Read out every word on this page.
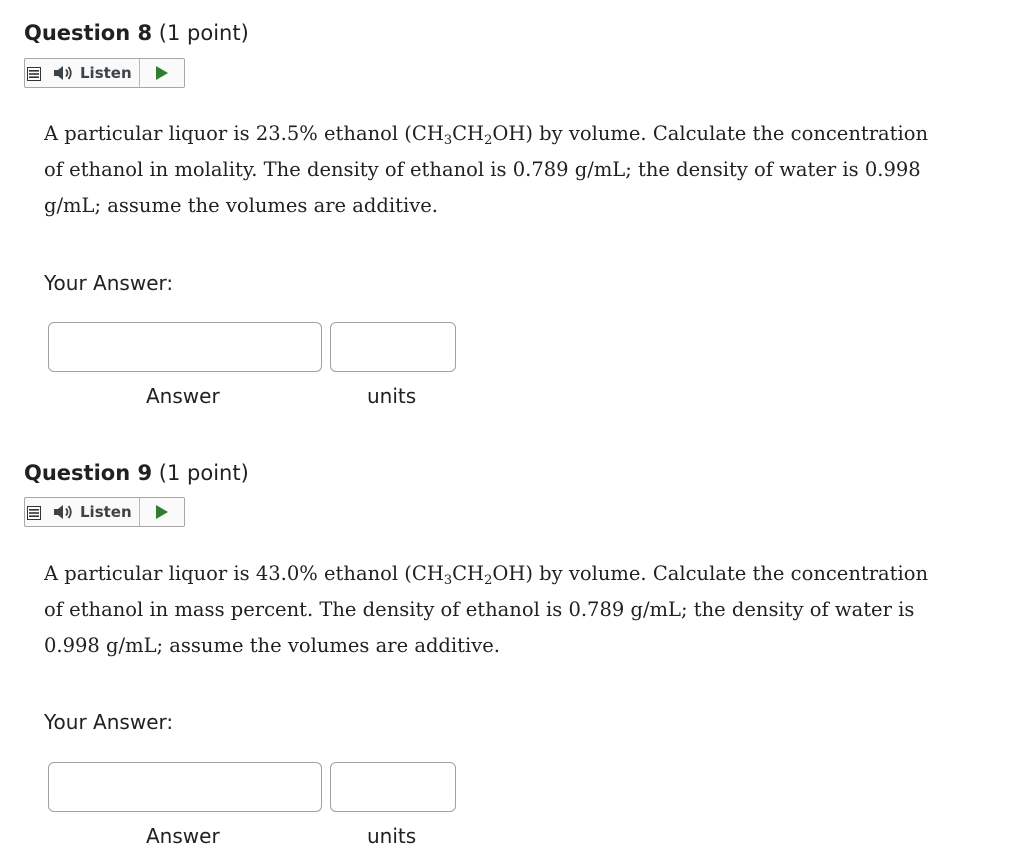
Question 8 (1 point)
Listen

A particular liquor is 23.5% ethanol $(CH_3CH_2OH)$ by volume. Calculate the concentration of ethanol in molality. The density of ethanol is 0.789 g/mL; the density of water is 0.998 g/mL; assume the volumes are additive.

Your Answer:

Answer	units
Question 9 (1 point)
Listen

A particular liquor is 43.0% ethanol $(CH_3CH_2OH)$ by volume. Calculate the concentration of ethanol in mass percent. The density of ethanol is 0.789 g/mL; the density of water is 0.998 g/mL; assume the volumes are additive.

Your Answer:

Answer	units
